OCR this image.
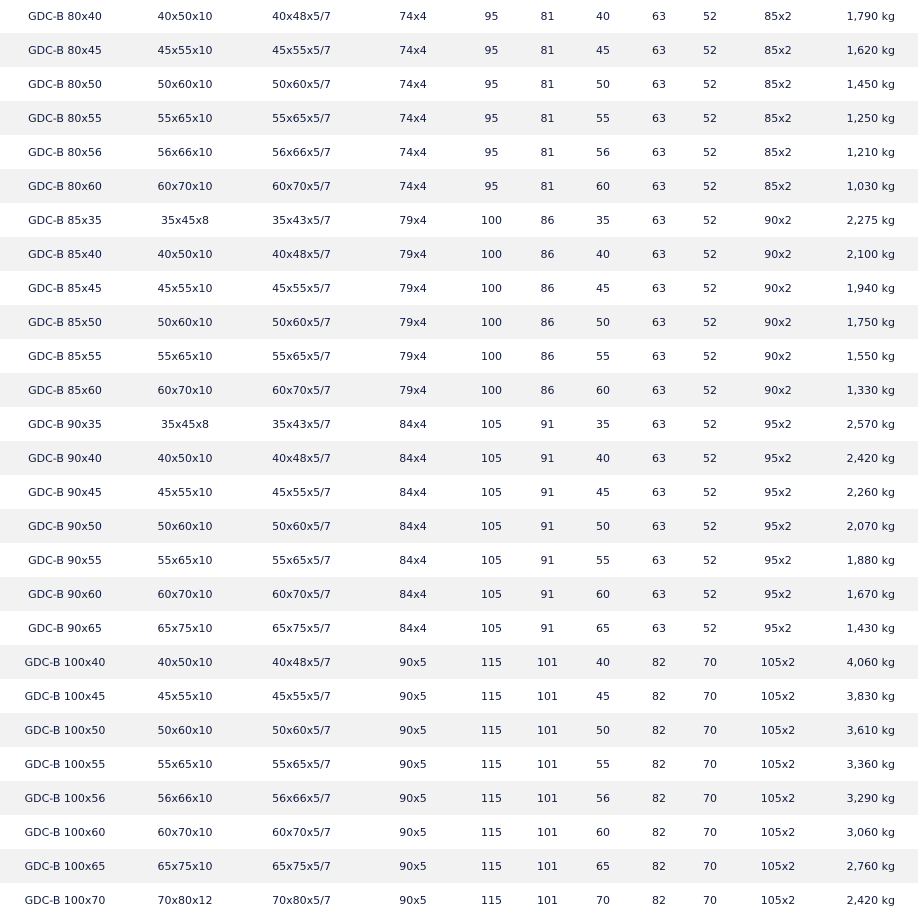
GDC-B 80x40	40x50x10	40x48x5/7	74x4	95	81	40	63	52	85x2	1,790 kg
GDC-B 80x45	45x55x10	45x55x5/7	74x4	95	81	45	63	52	85x2	1,620 kg
GDC-B 80x50	50x60x10	50x60x5/7	74x4	95	81	50	63	52	85x2	1,450 kg
GDC-B 80x55	55x65x10	55x65x5/7	74x4	95	81	55	63	52	85x2	1,250 kg
GDC-B 80x56	56x66x10	56x66x5/7	74x4	95	81	56	63	52	85x2	1,210 kg
GDC-B 80x60	60x70x10	60x70x5/7	74x4	95	81	60	63	52	85x2	1,030 kg
GDC-B 85x35	35x45x8	35x43x5/7	79x4	100	86	35	63	52	90x2	2,275 kg
GDC-B 85x40	40x50x10	40x48x5/7	79x4	100	86	40	63	52	90x2	2,100 kg
GDC-B 85x45	45x55x10	45x55x5/7	79x4	100	86	45	63	52	90x2	1,940 kg
GDC-B 85x50	50x60x10	50x60x5/7	79x4	100	86	50	63	52	90x2	1,750 kg
GDC-B 85x55	55x65x10	55x65x5/7	79x4	100	86	55	63	52	90x2	1,550 kg
GDC-B 85x60	60x70x10	60x70x5/7	79x4	100	86	60	63	52	90x2	1,330 kg
GDC-B 90x35	35x45x8	35x43x5/7	84x4	105	91	35	63	52	95x2	2,570 kg
GDC-B 90x40	40x50x10	40x48x5/7	84x4	105	91	40	63	52	95x2	2,420 kg
GDC-B 90x45	45x55x10	45x55x5/7	84x4	105	91	45	63	52	95x2	2,260 kg
GDC-B 90x50	50x60x10	50x60x5/7	84x4	105	91	50	63	52	95x2	2,070 kg
GDC-B 90x55	55x65x10	55x65x5/7	84x4	105	91	55	63	52	95x2	1,880 kg
GDC-B 90x60	60x70x10	60x70x5/7	84x4	105	91	60	63	52	95x2	1,670 kg
GDC-B 90x65	65x75x10	65x75x5/7	84x4	105	91	65	63	52	95x2	1,430 kg
GDC-B 100x40	40x50x10	40x48x5/7	90x5	115	101	40	82	70	105x2	4,060 kg
GDC-B 100x45	45x55x10	45x55x5/7	90x5	115	101	45	82	70	105x2	3,830 kg
GDC-B 100x50	50x60x10	50x60x5/7	90x5	115	101	50	82	70	105x2	3,610 kg
GDC-B 100x55	55x65x10	55x65x5/7	90x5	115	101	55	82	70	105x2	3,360 kg
GDC-B 100x56	56x66x10	56x66x5/7	90x5	115	101	56	82	70	105x2	3,290 kg
GDC-B 100x60	60x70x10	60x70x5/7	90x5	115	101	60	82	70	105x2	3,060 kg
GDC-B 100x65	65x75x10	65x75x5/7	90x5	115	101	65	82	70	105x2	2,760 kg
GDC-B 100x70	70x80x12	70x80x5/7	90x5	115	101	70	82	70	105x2	2,420 kg
